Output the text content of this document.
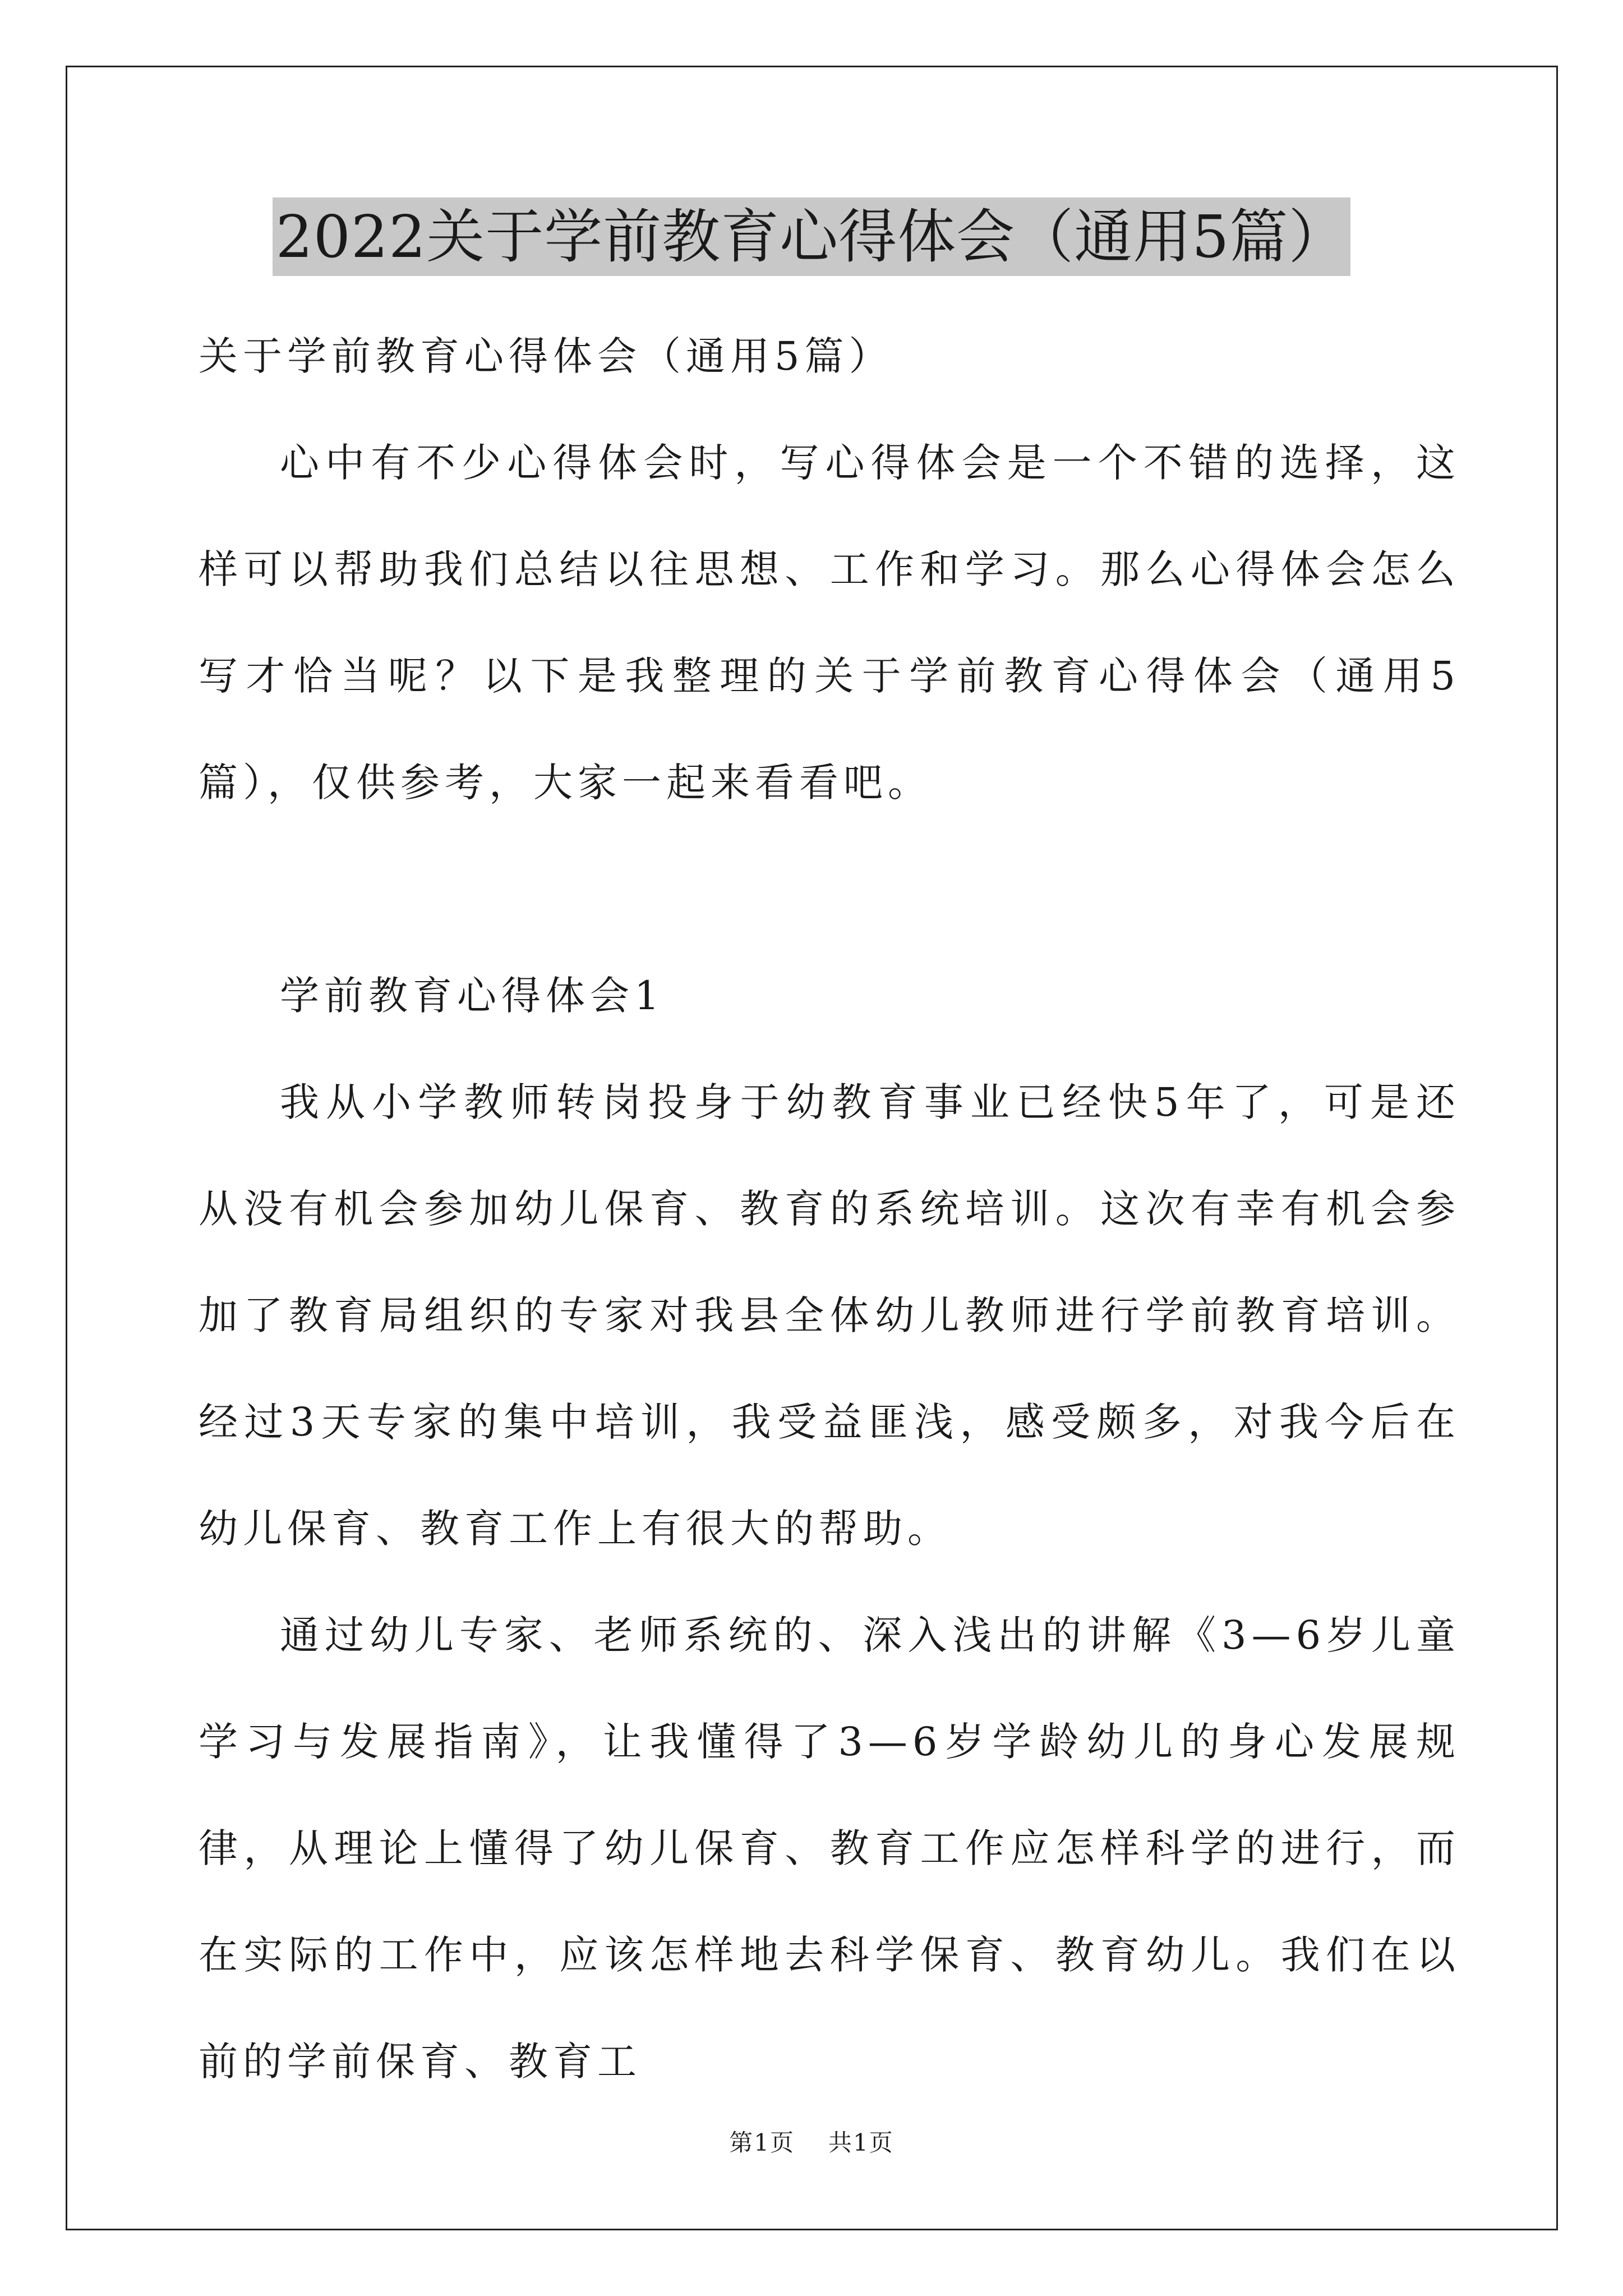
2022关于学前教育心得体会（通用5篇）

关于学前教育心得体会（通用5篇）

心中有不少心得体会时，写心得体会是一个不错的选择，这样可以帮助我们总结以往思想、工作和学习。那么心得体会怎么写才恰当呢？以下是我整理的关于学前教育心得体会（通用5篇），仅供参考，大家一起来看看吧。

学前教育心得体会1

我从小学教师转岗投身于幼教育事业已经快5年了，可是还从没有机会参加幼儿保育、教育的系统培训。这次有幸有机会参加了教育局组织的专家对我县全体幼儿教师进行学前教育培训。经过3天专家的集中培训，我受益匪浅，感受颇多，对我今后在幼儿保育、教育工作上有很大的帮助。

通过幼儿专家、老师系统的、深入浅出的讲解《3—6岁儿童学习与发展指南》，让我懂得了3—6岁学龄幼儿的身心发展规律，从理论上懂得了幼儿保育、教育工作应怎样科学的进行，而在实际的工作中，应该怎样地去科学保育、教育幼儿。我们在以前的学前保育、教育工

第1页 共1页
